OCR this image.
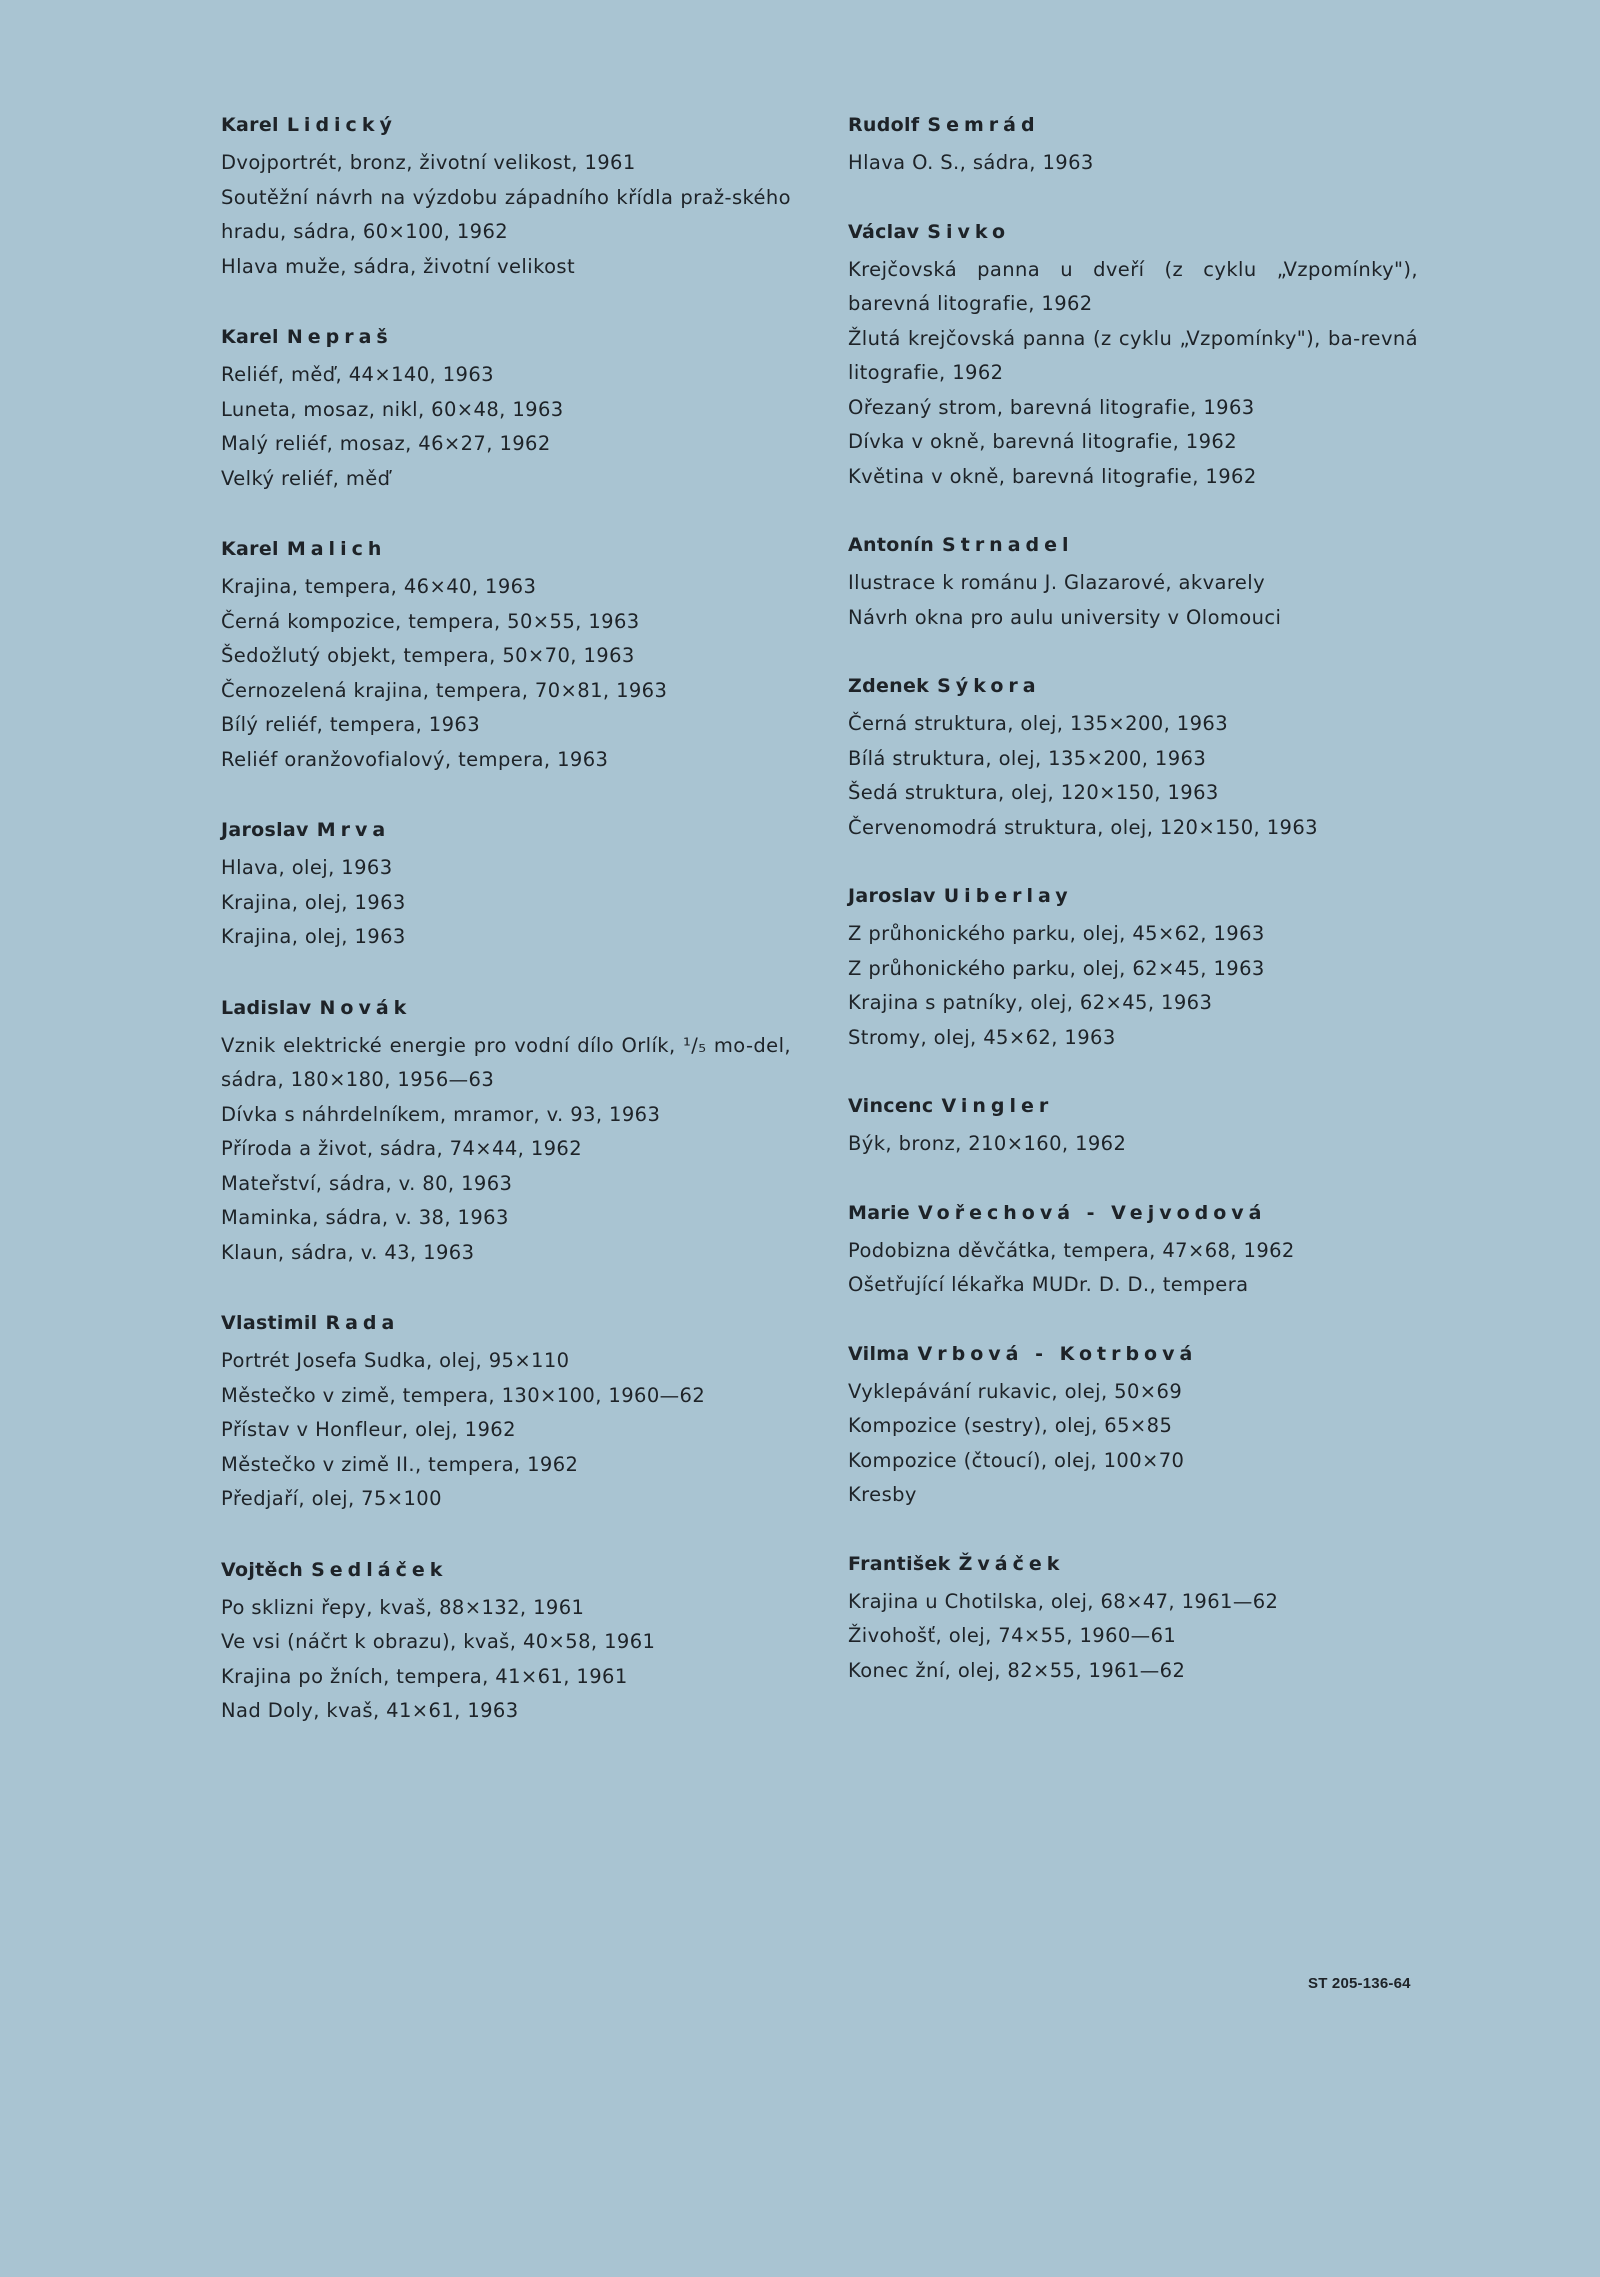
Karel Lidický
Dvojportrét, bronz, životní velikost, 1961
Soutěžní návrh na výzdobu západního křídla praž-ského hradu, sádra, 60×100, 1962
Hlava muže, sádra, životní velikost
Karel Nepraš
Reliéf, měď, 44×140, 1963
Luneta, mosaz, nikl, 60×48, 1963
Malý reliéf, mosaz, 46×27, 1962
Velký reliéf, měď
Karel Malich
Krajina, tempera, 46×40, 1963
Černá kompozice, tempera, 50×55, 1963
Šedožlutý objekt, tempera, 50×70, 1963
Černozelená krajina, tempera, 70×81, 1963
Bílý reliéf, tempera, 1963
Reliéf oranžovofialový, tempera, 1963
Jaroslav Mrva
Hlava, olej, 1963
Krajina, olej, 1963
Krajina, olej, 1963
Ladislav Novák
Vznik elektrické energie pro vodní dílo Orlík, ¹/₅ mo-del, sádra, 180×180, 1956—63
Dívka s náhrdelníkem, mramor, v. 93, 1963
Příroda a život, sádra, 74×44, 1962
Mateřství, sádra, v. 80, 1963
Maminka, sádra, v. 38, 1963
Klaun, sádra, v. 43, 1963
Vlastimil Rada
Portrét Josefa Sudka, olej, 95×110
Městečko v zimě, tempera, 130×100, 1960—62
Přístav v Honfleur, olej, 1962
Městečko v zimě II., tempera, 1962
Předjaří, olej, 75×100
Vojtěch Sedláček
Po sklizni řepy, kvaš, 88×132, 1961
Ve vsi (náčrt k obrazu), kvaš, 40×58, 1961
Krajina po žních, tempera, 41×61, 1961
Nad Doly, kvaš, 41×61, 1963
Rudolf Semrád
Hlava O. S., sádra, 1963
Václav Sivko
Krejčovská panna u dveří (z cyklu „Vzpomínky"), barevná litografie, 1962
Žlutá krejčovská panna (z cyklu „Vzpomínky"), ba-revná litografie, 1962
Ořezaný strom, barevná litografie, 1963
Dívka v okně, barevná litografie, 1962
Květina v okně, barevná litografie, 1962
Antonín Strnadel
Ilustrace k románu J. Glazarové, akvarely
Návrh okna pro aulu university v Olomouci
Zdenek Sýkora
Černá struktura, olej, 135×200, 1963
Bílá struktura, olej, 135×200, 1963
Šedá struktura, olej, 120×150, 1963
Červenomodrá struktura, olej, 120×150, 1963
Jaroslav Uiberlay
Z průhonického parku, olej, 45×62, 1963
Z průhonického parku, olej, 62×45, 1963
Krajina s patníky, olej, 62×45, 1963
Stromy, olej, 45×62, 1963
Vincenc Vingler
Býk, bronz, 210×160, 1962
Marie Vořechová - Vejvodová
Podobizna děvčátka, tempera, 47×68, 1962
Ošetřující lékařka MUDr. D. D., tempera
Vilma Vrbová - Kotrbová
Vyklepávání rukavic, olej, 50×69
Kompozice (sestry), olej, 65×85
Kompozice (čtoucí), olej, 100×70
Kresby
František Žváček
Krajina u Chotilska, olej, 68×47, 1961—62
Živohošť, olej, 74×55, 1960—61
Konec žní, olej, 82×55, 1961—62
ST 205-136-64
